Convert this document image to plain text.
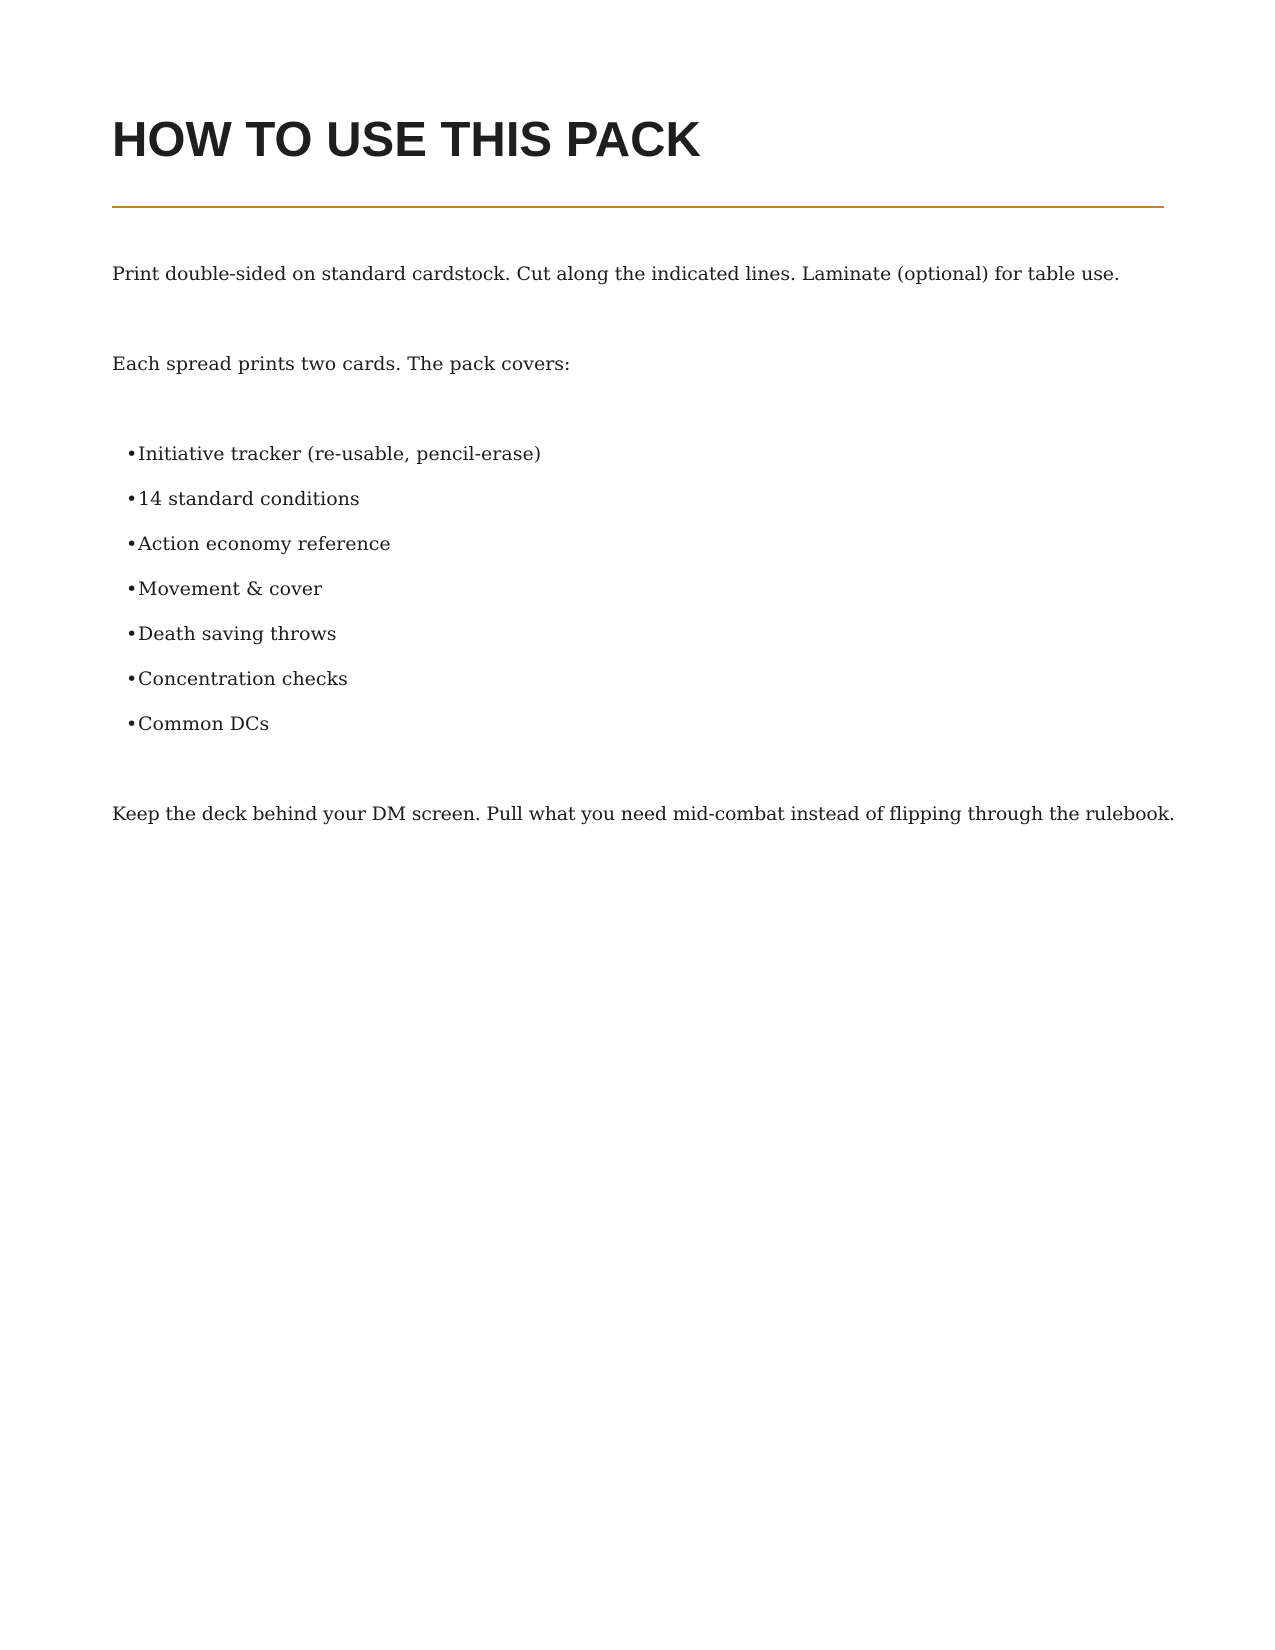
HOW TO USE THIS PACK

Print double-sided on standard cardstock. Cut along the indicated lines. Laminate (optional) for table use.

Each spread prints two cards. The pack covers:

•Initiative tracker (re-usable, pencil-erase)
•14 standard conditions
•Action economy reference
•Movement & cover
•Death saving throws
•Concentration checks
•Common DCs

Keep the deck behind your DM screen. Pull what you need mid-combat instead of flipping through the rulebook.
